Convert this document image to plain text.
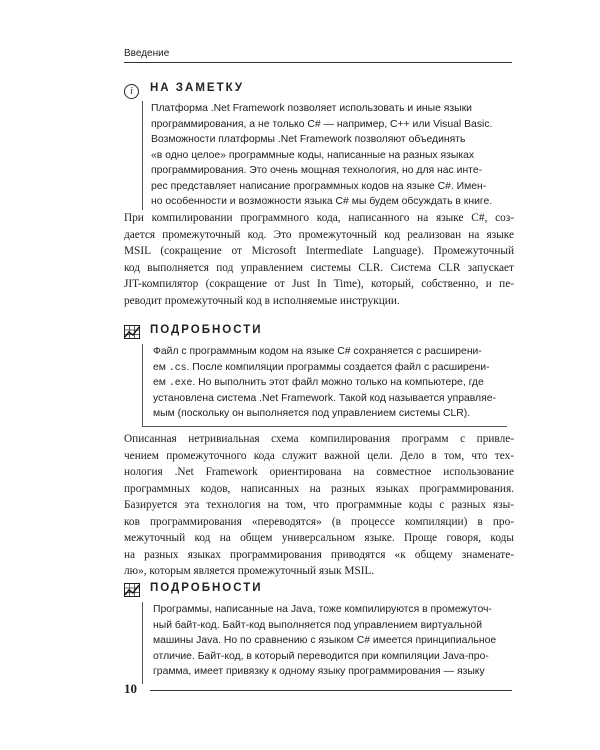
Введение
i	НА ЗАМЕТКУ
Платформа .Net Framework позволяет использовать и иные языки
программирования, а не только C# — например, C++ или Visual Basic.
Возможности платформы .Net Framework позволяют объединять
«в одно целое» программные коды, написанные на разных языках
программирования. Это очень мощная технология, но для нас инте-
рес представляет написание программных кодов на языке C#. Имен-
но особенности и возможности языка C# мы будем обсуждать в книге.
При компилировании программного кода, написанного на языке C#, соз-
дается промежуточный код. Это промежуточный код реализован на языке
MSIL (сокращение от Microsoft Intermediate Language). Промежуточный
код выполняется под управлением системы CLR. Система CLR запускает
JIT-компилятор (сокращение от Just In Time), который, собственно, и пе-
реводит промежуточный код в исполняемые инструкции.
ПОДРОБНОСТИ
Файл с программным кодом на языке C# сохраняется с расширени-
ем .cs. После компиляции программы создается файл с расширени-
ем .exe. Но выполнить этот файл можно только на компьютере, где
установлена система .Net Framework. Такой код называется управляе-
мым (поскольку он выполняется под управлением системы CLR).
Описанная нетривиальная схема компилирования программ с привле-
чением промежуточного кода служит важной цели. Дело в том, что тех-
нология .Net Framework ориентирована на совместное использование
программных кодов, написанных на разных языках программирования.
Базируется эта технология на том, что программные коды с разных язы-
ков программирования «переводятся» (в процессе компиляции) в про-
межуточный код на общем универсальном языке. Проще говоря, коды
на разных языках программирования приводятся «к общему знаменате-
лю», которым является промежуточный язык MSIL.
ПОДРОБНОСТИ
Программы, написанные на Java, тоже компилируются в промежуточ-
ный байт-код. Байт-код выполняется под управлением виртуальной
машины Java. Но по сравнению с языком C# имеется принципиальное
отличие. Байт-код, в который переводится при компиляции Java-про-
грамма, имеет привязку к одному языку программирования — языку
10
